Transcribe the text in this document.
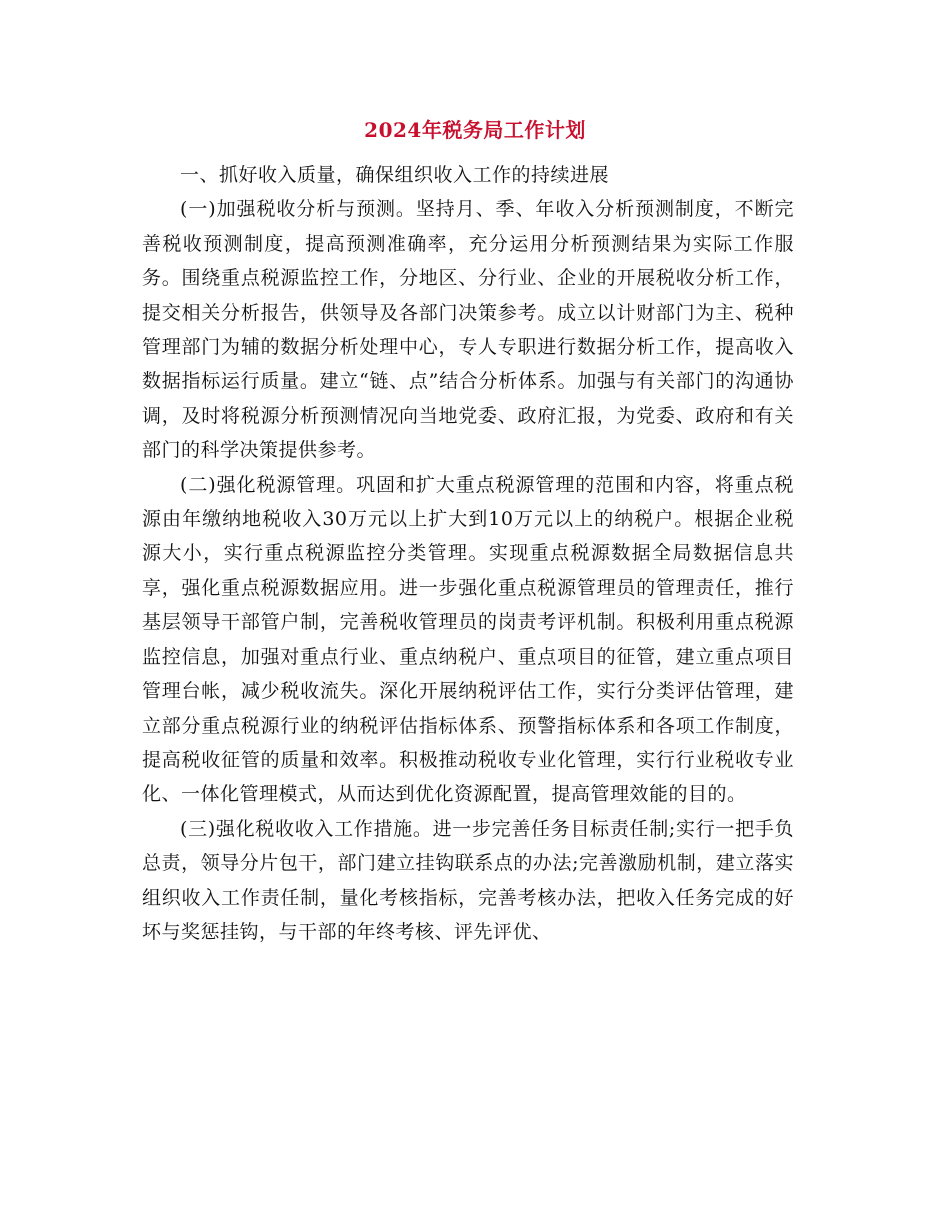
2024年税务局工作计划

一、抓好收入质量，确保组织收入工作的持续进展

(一)加强税收分析与预测。坚持月、季、年收入分析预测制度，不断完善税收预测制度，提高预测准确率，充分运用分析预测结果为实际工作服务。围绕重点税源监控工作，分地区、分行业、企业的开展税收分析工作，提交相关分析报告，供领导及各部门决策参考。成立以计财部门为主、税种管理部门为辅的数据分析处理中心，专人专职进行数据分析工作，提高收入数据指标运行质量。建立“链、点”结合分析体系。加强与有关部门的沟通协调，及时将税源分析预测情况向当地党委、政府汇报，为党委、政府和有关部门的科学决策提供参考。

(二)强化税源管理。巩固和扩大重点税源管理的范围和内容，将重点税源由年缴纳地税收入30万元以上扩大到10万元以上的纳税户。根据企业税源大小，实行重点税源监控分类管理。实现重点税源数据全局数据信息共享，强化重点税源数据应用。进一步强化重点税源管理员的管理责任，推行基层领导干部管户制，完善税收管理员的岗责考评机制。积极利用重点税源监控信息，加强对重点行业、重点纳税户、重点项目的征管，建立重点项目管理台帐，减少税收流失。深化开展纳税评估工作，实行分类评估管理，建立部分重点税源行业的纳税评估指标体系、预警指标体系和各项工作制度，提高税收征管的质量和效率。积极推动税收专业化管理，实行行业税收专业化、一体化管理模式，从而达到优化资源配置，提高管理效能的目的。

(三)强化税收收入工作措施。进一步完善任务目标责任制;实行一把手负总责，领导分片包干，部门建立挂钩联系点的办法;完善激励机制，建立落实组织收入工作责任制，量化考核指标，完善考核办法，把收入任务完成的好坏与奖惩挂钩，与干部的年终考核、评先评优、
